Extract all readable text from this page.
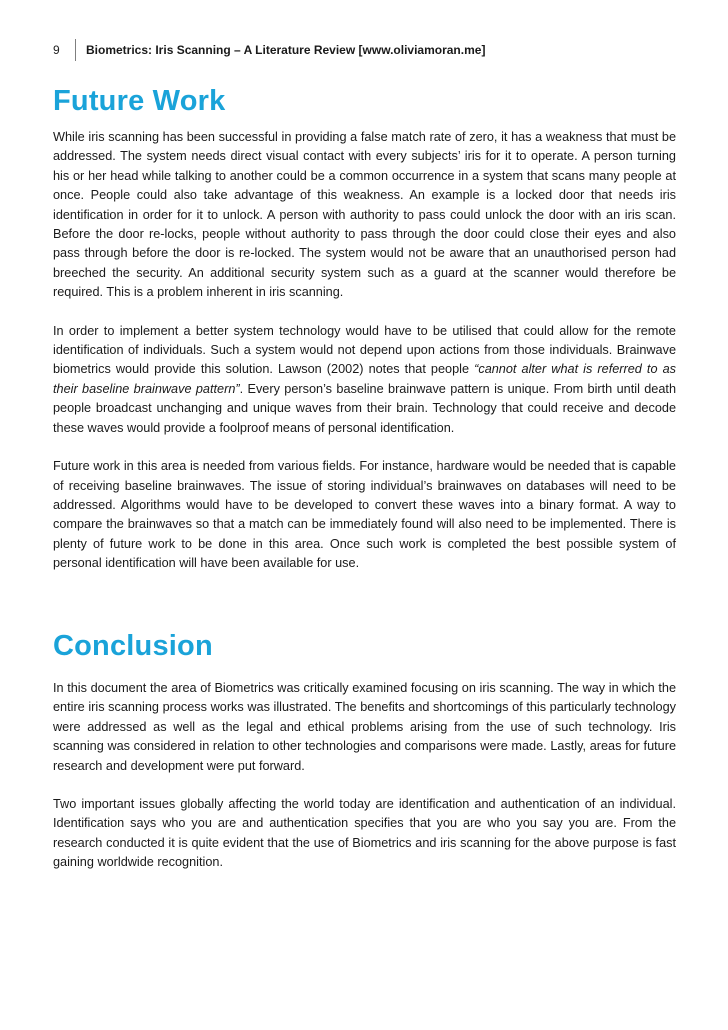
9	Biometrics: Iris Scanning – A Literature Review [www.oliviamoran.me]
Future Work

While iris scanning has been successful in providing a false match rate of zero, it has a weakness that must be addressed. The system needs direct visual contact with every subjects’ iris for it to operate. A person turning his or her head while talking to another could be a common occurrence in a system that scans many people at once. People could also take advantage of this weakness. An example is a locked door that needs iris identification in order for it to unlock. A person with authority to pass could unlock the door with an iris scan. Before the door re-locks, people without authority to pass through the door could close their eyes and also pass through before the door is re-locked. The system would not be aware that an unauthorised person had breeched the security. An additional security system such as a guard at the scanner would therefore be required. This is a problem inherent in iris scanning.

In order to implement a better system technology would have to be utilised that could allow for the remote identification of individuals. Such a system would not depend upon actions from those individuals. Brainwave biometrics would provide this solution. Lawson (2002) notes that people “cannot alter what is referred to as their baseline brainwave pattern”. Every person’s baseline brainwave pattern is unique. From birth until death people broadcast unchanging and unique waves from their brain. Technology that could receive and decode these waves would provide a foolproof means of personal identification.

Future work in this area is needed from various fields. For instance, hardware would be needed that is capable of receiving baseline brainwaves. The issue of storing individual’s brainwaves on databases will need to be addressed. Algorithms would have to be developed to convert these waves into a binary format. A way to compare the brainwaves so that a match can be immediately found will also need to be implemented. There is plenty of future work to be done in this area. Once such work is completed the best possible system of personal identification will have been available for use.

Conclusion

In this document the area of Biometrics was critically examined focusing on iris scanning. The way in which the entire iris scanning process works was illustrated. The benefits and shortcomings of this particularly technology were addressed as well as the legal and ethical problems arising from the use of such technology. Iris scanning was considered in relation to other technologies and comparisons were made. Lastly, areas for future research and development were put forward.

Two important issues globally affecting the world today are identification and authentication of an individual. Identification says who you are and authentication specifies that you are who you say you are. From the research conducted it is quite evident that the use of Biometrics and iris scanning for the above purpose is fast gaining worldwide recognition.
